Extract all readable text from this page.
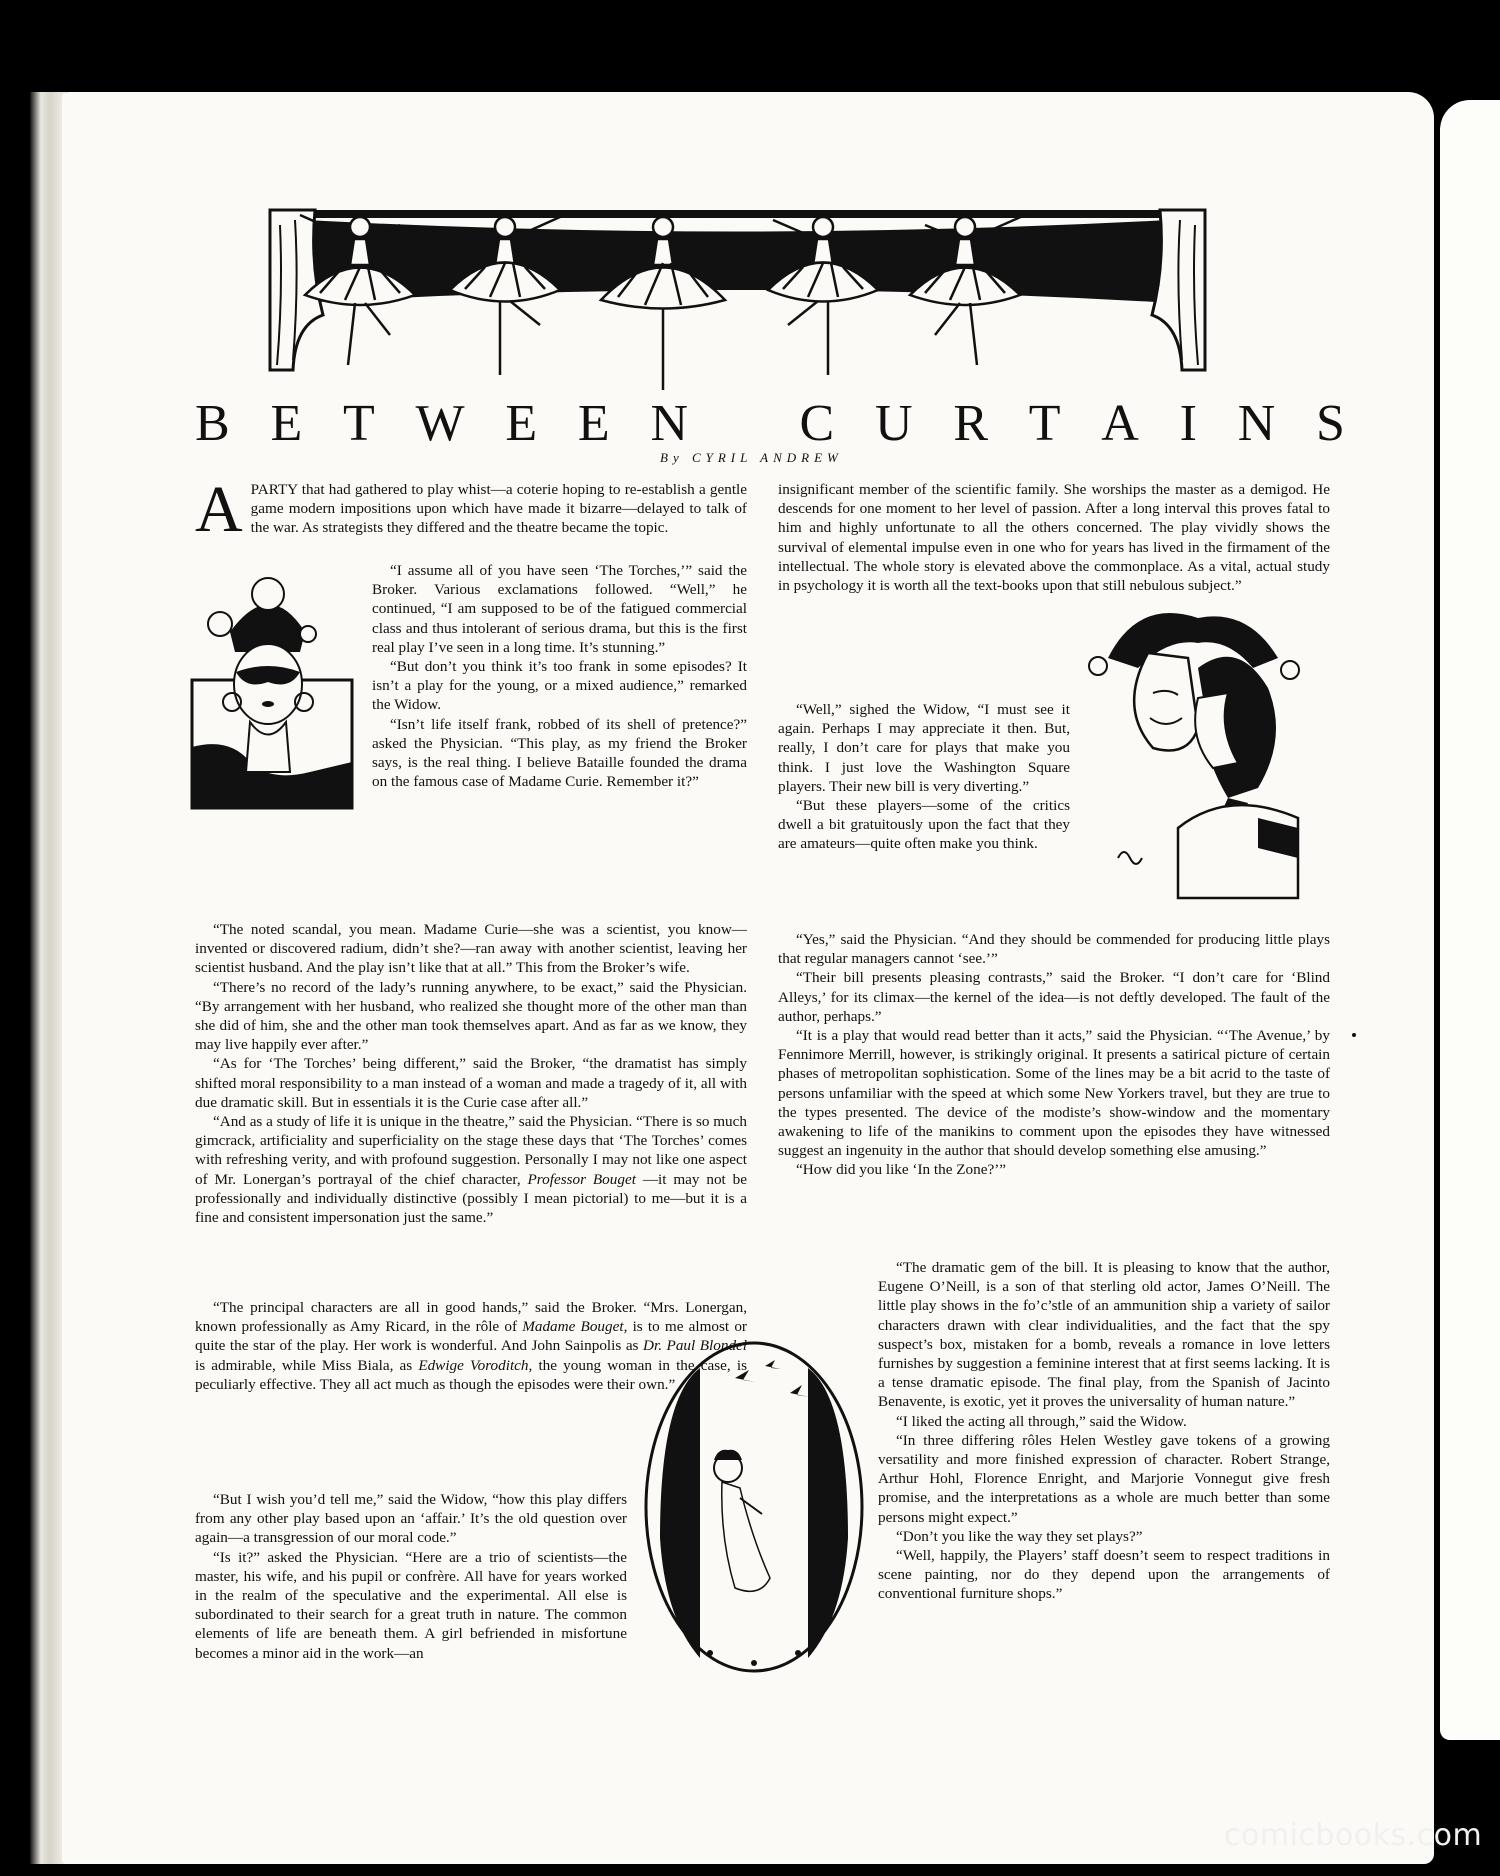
B E T W E E N C U R T A I N S
By CYRIL ANDREW

APARTY that had gathered to play whist—a coterie hoping to re-establish a gentle game modern impositions upon which have made it bizarre—delayed to talk of the war. As strategists they differed and the theatre became the topic.

“I assume all of you have seen ‘The Torches,’” said the Broker. Various exclamations followed. “Well,” he continued, “I am supposed to be of the fatigued commercial class and thus intolerant of serious drama, but this is the first real play I’ve seen in a long time. It’s stunning.”

“But don’t you think it’s too frank in some episodes? It isn’t a play for the young, or a mixed audience,” remarked the Widow.

“Isn’t life itself frank, robbed of its shell of pretence?” asked the Physician. “This play, as my friend the Broker says, is the real thing. I believe Bataille founded the drama on the famous case of Madame Curie. Remember it?”

“The noted scandal, you mean. Madame Curie—she was a scientist, you know—invented or discovered radium, didn’t she?—ran away with another scientist, leaving her scientist husband. And the play isn’t like that at all.” This from the Broker’s wife.

“There’s no record of the lady’s running anywhere, to be exact,” said the Physician. “By arrangement with her husband, who realized she thought more of the other man than she did of him, she and the other man took themselves apart. And as far as we know, they may live happily ever after.”

“As for ‘The Torches’ being different,” said the Broker, “the dramatist has simply shifted moral responsibility to a man instead of a woman and made a tragedy of it, all with due dramatic skill. But in essentials it is the Curie case after all.”

“And as a study of life it is unique in the theatre,” said the Physician. “There is so much gimcrack, artificiality and superficiality on the stage these days that ‘The Torches’ comes with refreshing verity, and with profound suggestion. Personally I may not like one aspect of Mr. Lonergan’s portrayal of the chief character, Professor Bouget —it may not be professionally and individually distinctive (possibly I mean pictorial) to me—but it is a fine and consistent impersonation just the same.”

“The principal characters are all in good hands,” said the Broker. “Mrs. Lonergan, known professionally as Amy Ricard, in the rôle of Madame Bouget, is to me almost or quite the star of the play. Her work is wonderful. And John Sainpolis as Dr. Paul Blondel is admirable, while Miss Biala, as Edwige Voroditch, the young woman in the case, is peculiarly effective. They all act much as though the episodes were their own.”

“But I wish you’d tell me,” said the Widow, “how this play differs from any other play based upon an ‘affair.’ It’s the old question over again—a transgression of our moral code.”

“Is it?” asked the Physician. “Here are a trio of scientists—the master, his wife, and his pupil or confrère. All have for years worked in the realm of the speculative and the experimental. All else is subordinated to their search for a great truth in nature. The common elements of life are beneath them. A girl befriended in misfortune becomes a minor aid in the work—an

insignificant member of the scientific family. She worships the master as a demigod. He descends for one moment to her level of passion. After a long interval this proves fatal to him and highly unfortunate to all the others concerned. The play vividly shows the survival of elemental impulse even in one who for years has lived in the firmament of the intellectual. The whole story is elevated above the commonplace. As a vital, actual study in psychology it is worth all the text-books upon that still nebulous subject.”

“Well,” sighed the Widow, “I must see it again. Perhaps I may appreciate it then. But, really, I don’t care for plays that make you think. I just love the Washington Square players. Their new bill is very diverting.”

“But these players—some of the critics dwell a bit gratuitously upon the fact that they are amateurs—quite often make you think.

“Yes,” said the Physician. “And they should be commended for producing little plays that regular managers cannot ‘see.’”

“Their bill presents pleasing contrasts,” said the Broker. “I don’t care for ‘Blind Alleys,’ for its climax—the kernel of the idea—is not deftly developed. The fault of the author, perhaps.”

“It is a play that would read better than it acts,” said the Physician. “‘The Avenue,’ by Fennimore Merrill, however, is strikingly original. It presents a satirical picture of certain phases of metropolitan sophistication. Some of the lines may be a bit acrid to the taste of persons unfamiliar with the speed at which some New Yorkers travel, but they are true to the types presented. The device of the modiste’s show-window and the momentary awakening to life of the manikins to comment upon the episodes they have witnessed suggest an ingenuity in the author that should develop something else amusing.”

“How did you like ‘In the Zone?’”

“The dramatic gem of the bill. It is pleasing to know that the author, Eugene O’Neill, is a son of that sterling old actor, James O’Neill. The little play shows in the fo’c’stle of an ammunition ship a variety of sailor characters drawn with clear individualities, and the fact that the spy suspect’s box, mistaken for a bomb, reveals a romance in love letters furnishes by suggestion a feminine interest that at first seems lacking. It is a tense dramatic episode. The final play, from the Spanish of Jacinto Benavente, is exotic, yet it proves the universality of human nature.”

“I liked the acting all through,” said the Widow.

“In three differing rôles Helen Westley gave tokens of a growing versatility and more finished expression of character. Robert Strange, Arthur Hohl, Florence Enright, and Marjorie Vonnegut give fresh promise, and the interpretations as a whole are much better than some persons might expect.”

“Don’t you like the way they set plays?”

“Well, happily, the Players’ staff doesn’t seem to respect traditions in scene painting, nor do they depend upon the arrangements of conventional furniture shops.”

comicbooks.com
